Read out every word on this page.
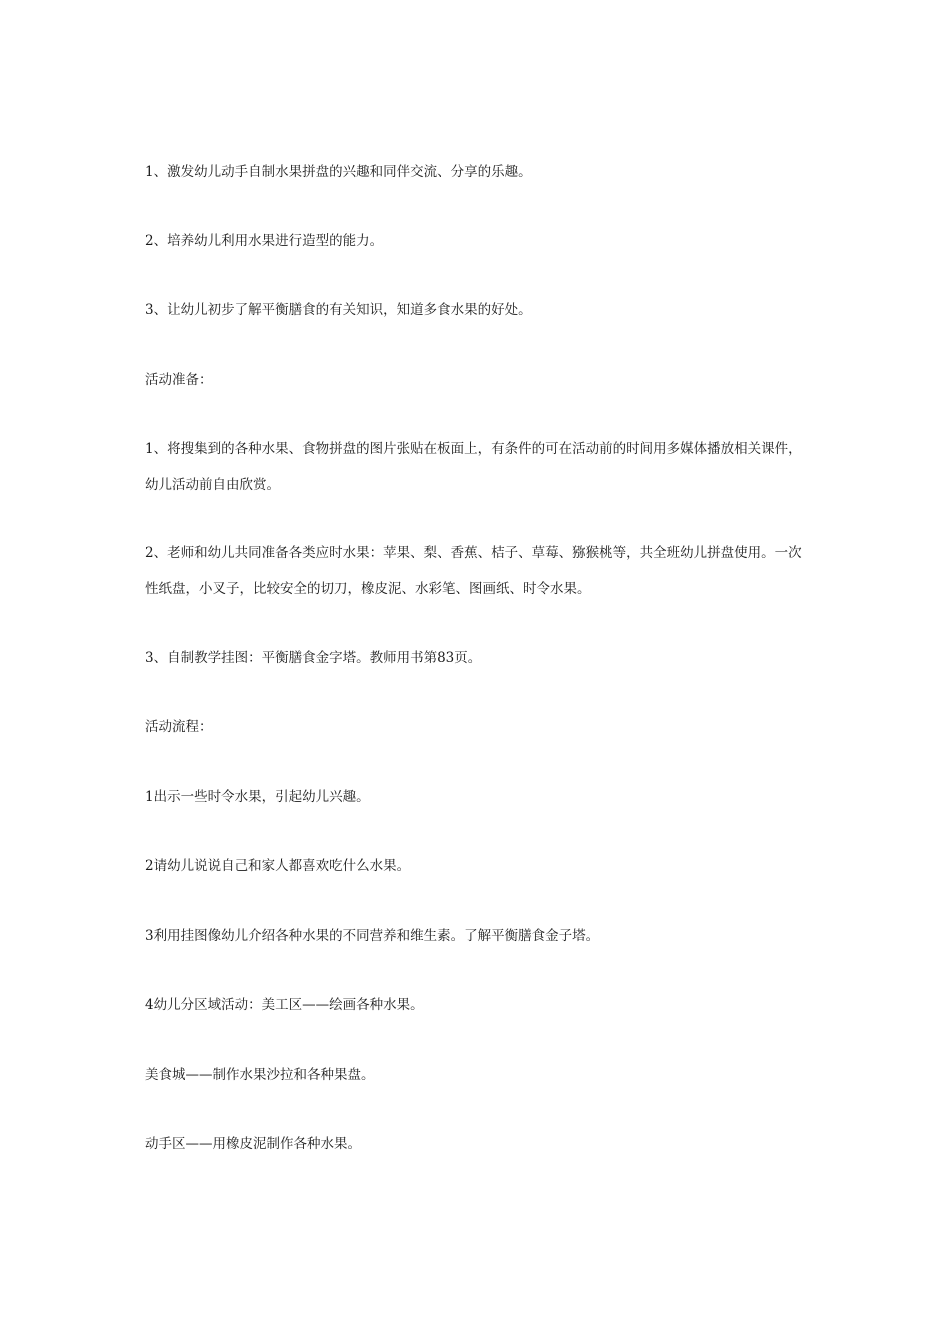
1、激发幼儿动手自制水果拼盘的兴趣和同伴交流、分享的乐趣。

2、培养幼儿利用水果进行造型的能力。

3、让幼儿初步了解平衡膳食的有关知识，知道多食水果的好处。

活动准备：

1、将搜集到的各种水果、食物拼盘的图片张贴在板面上，有条件的可在活动前的时间用多媒体播放相关课件，幼儿活动前自由欣赏。

2、老师和幼儿共同准备各类应时水果：苹果、梨、香蕉、桔子、草莓、猕猴桃等，共全班幼儿拼盘使用。一次性纸盘，小叉子，比较安全的切刀，橡皮泥、水彩笔、图画纸、时令水果。

3、自制教学挂图：平衡膳食金字塔。教师用书第83页。

活动流程：

1出示一些时令水果，引起幼儿兴趣。

2请幼儿说说自己和家人都喜欢吃什么水果。

3利用挂图像幼儿介绍各种水果的不同营养和维生素。了解平衡膳食金子塔。

4幼儿分区域活动：美工区——绘画各种水果。

美食城——制作水果沙拉和各种果盘。

动手区——用橡皮泥制作各种水果。
